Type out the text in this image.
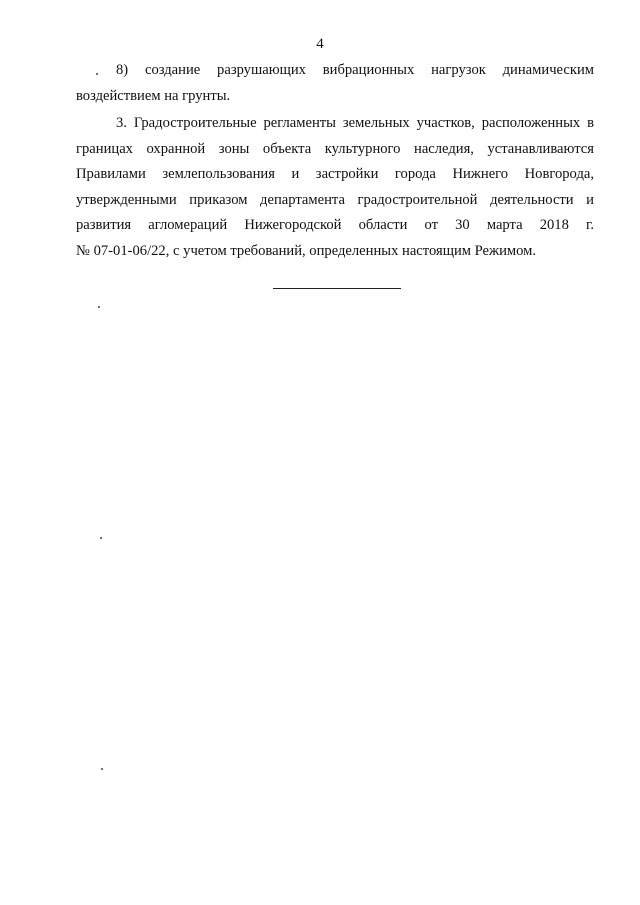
4
8) создание разрушающих вибрационных нагрузок динамическим
воздействием на грунты.
3. Градостроительные регламенты земельных участков, расположенных в
границах охранной зоны объекта культурного наследия, устанавливаются
Правилами землепользования и застройки города Нижнего Новгорода,
утвержденными приказом департамента градостроительной деятельности и
развития агломераций Нижегородской области от 30 марта 2018 г.
№ 07-01-06/22, с учетом требований, определенных настоящим Режимом.
